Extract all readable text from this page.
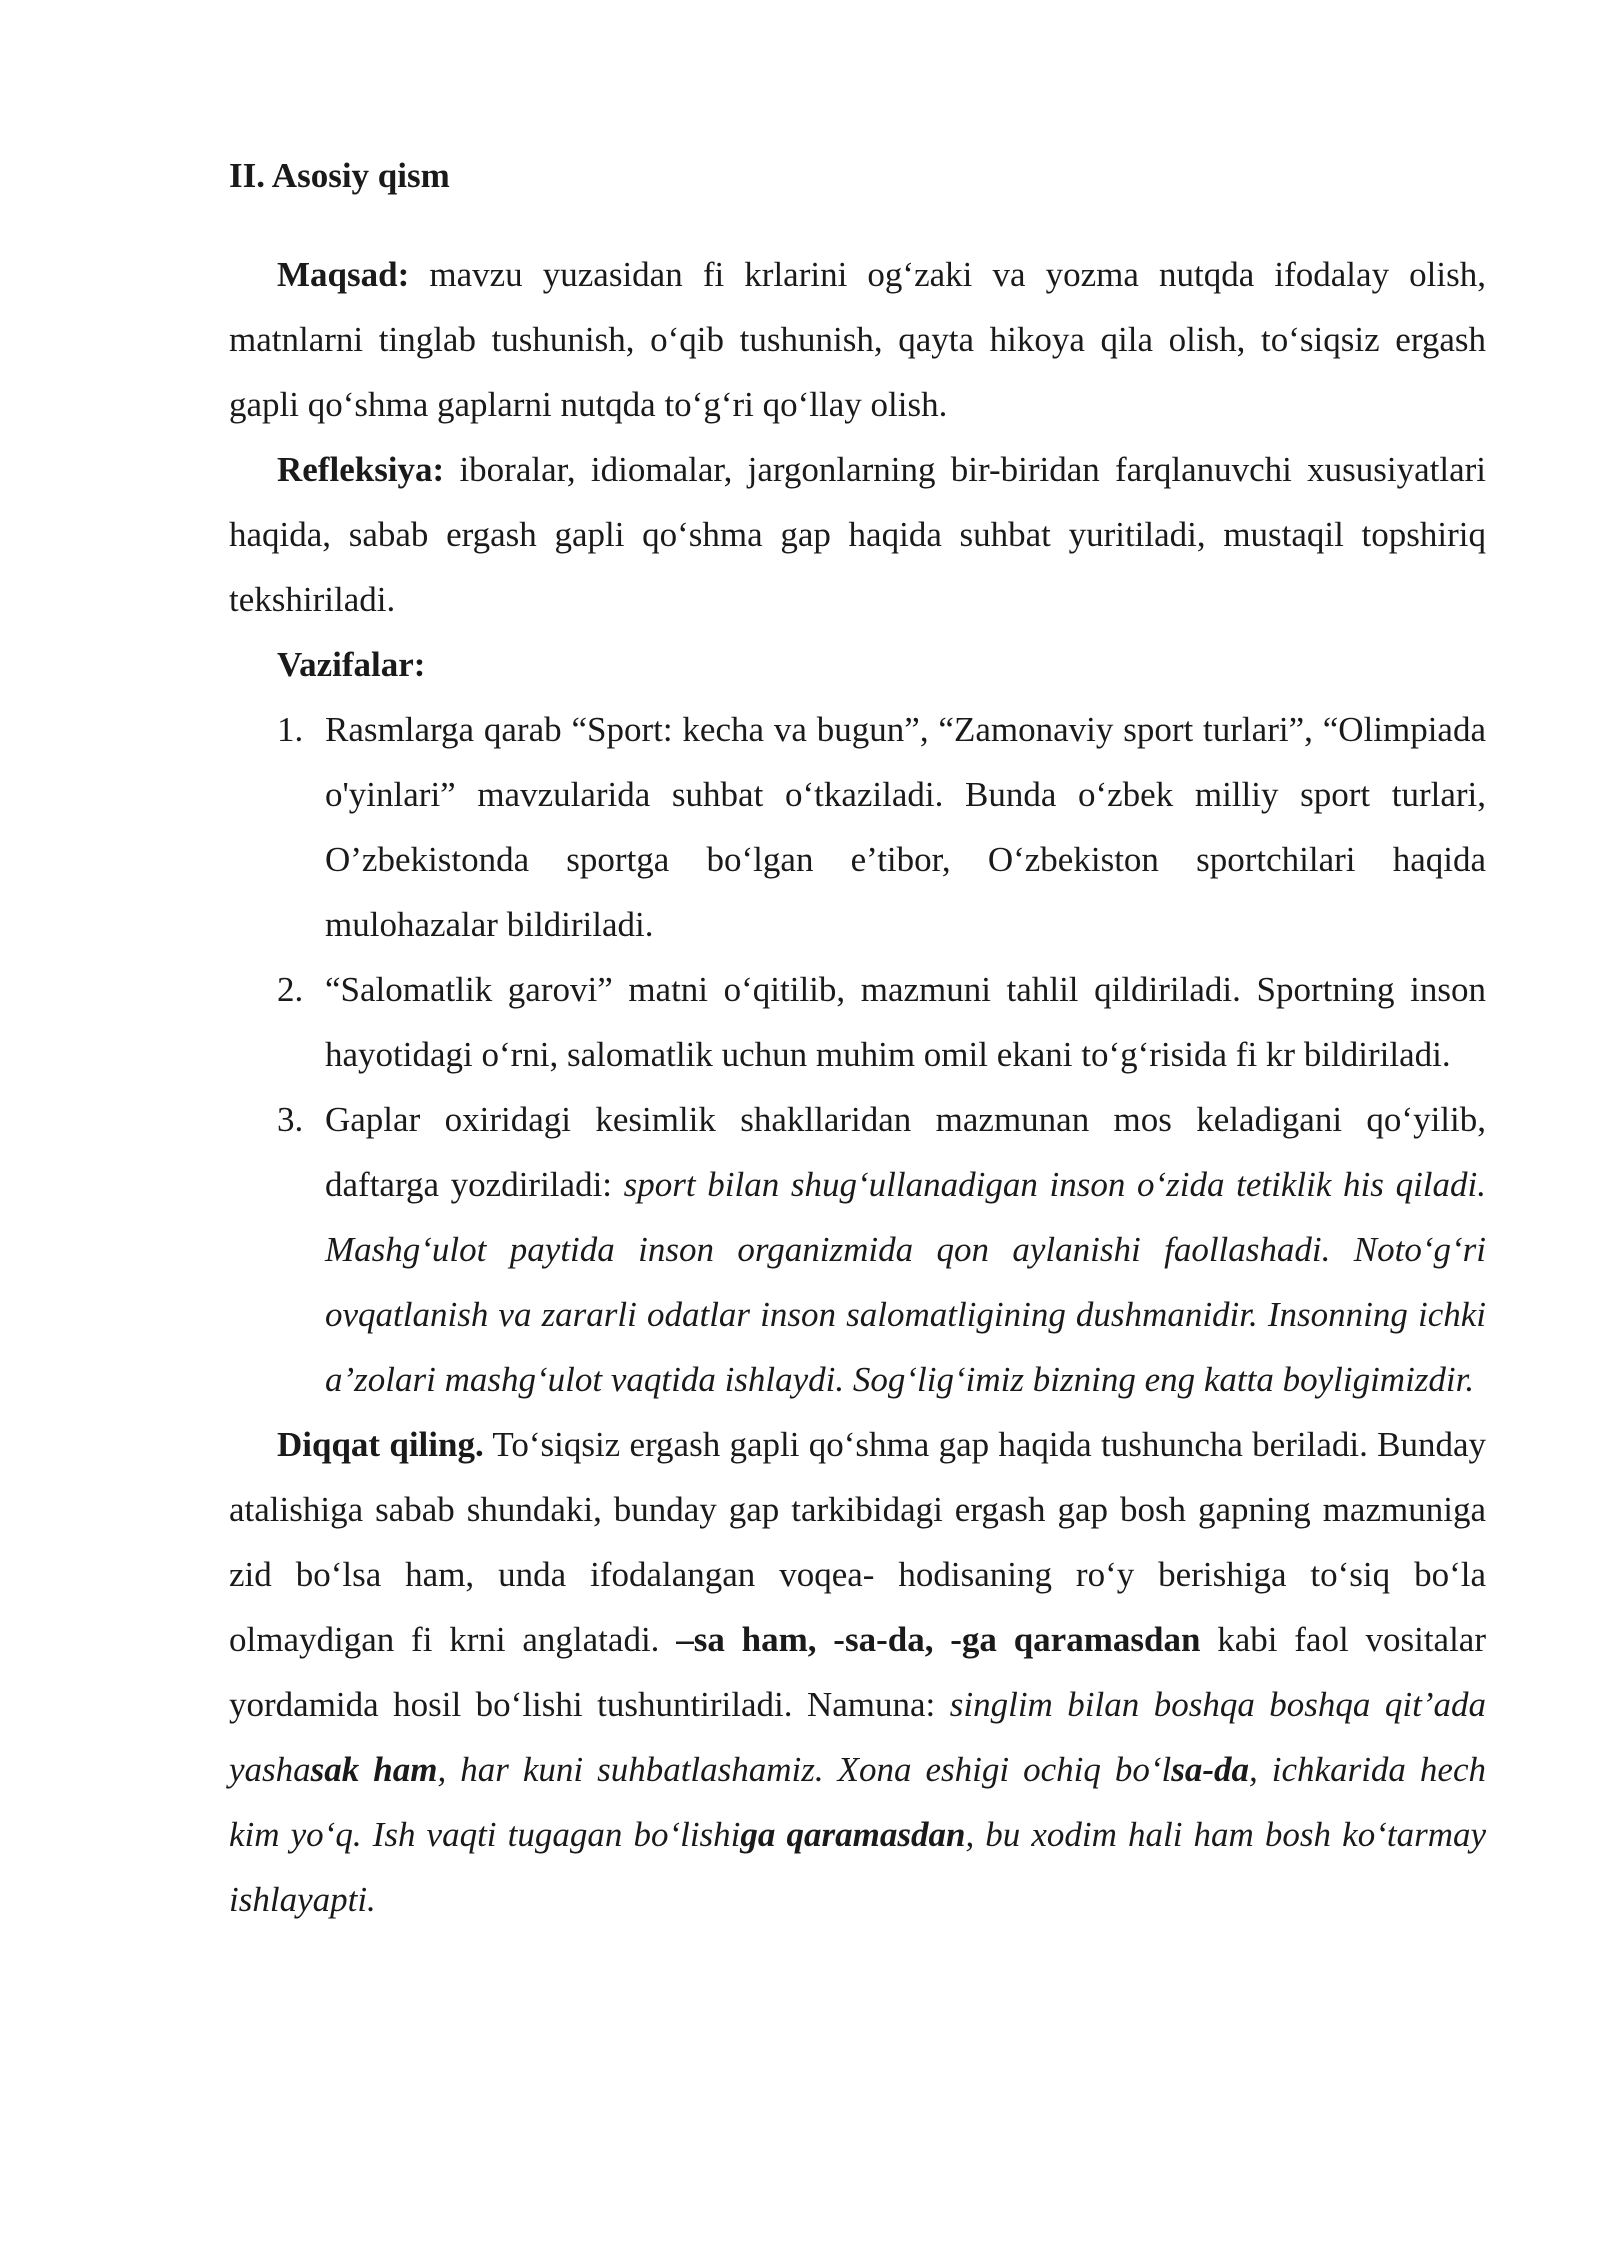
II. Asosiy qism

Maqsad: mavzu yuzasidan fi krlarini og‘zaki va yozma nutqda ifodalay olish, matnlarni tinglab tushunish, o‘qib tushunish, qayta hikoya qila olish, to‘siqsiz ergash gapli qo‘shma gaplarni nutqda to‘g‘ri qo‘llay olish.

Refleksiya: iboralar, idiomalar, jargonlarning bir-biridan farqlanuvchi xususiyatlari haqida, sabab ergash gapli qo‘shma gap haqida suhbat yuritiladi, mustaqil topshiriq tekshiriladi.

Vazifalar:
1. Rasmlarga qarab “Sport: kecha va bugun”, “Zamonaviy sport turlari”, “Olimpiada o'yinlari” mavzularida suhbat o‘tkaziladi. Bunda o‘zbek milliy sport turlari, O’zbekistonda sportga bo‘lgan e’tibor, O‘zbekiston sportchilari haqida mulohazalar bildiriladi.
2. “Salomatlik garovi” matni o‘qitilib, mazmuni tahlil qildiriladi. Sportning inson hayotidagi o‘rni, salomatlik uchun muhim omil ekani to‘g‘risida fi kr bildiriladi.
3. Gaplar oxiridagi kesimlik shakllaridan mazmunan mos keladigani qo‘yilib, daftarga yozdiriladi: sport bilan shug‘ullanadigan inson o‘zida tetiklik his qiladi. Mashg‘ulot paytida inson organizmida qon aylanishi faollashadi. Noto‘g‘ri ovqatlanish va zararli odatlar inson salomatligining dushmanidir. Insonning ichki a’zolari mashg‘ulot vaqtida ishlaydi. Sog‘lig‘imiz bizning eng katta boyligimizdir.

Diqqat qiling. To‘siqsiz ergash gapli qo‘shma gap haqida tushuncha beriladi. Bunday atalishiga sabab shundaki, bunday gap tarkibidagi ergash gap bosh gapning mazmuniga zid bo‘lsa ham, unda ifodalangan voqea- hodisaning ro‘y berishiga to‘siq bo‘la olmaydigan fi krni anglatadi. –sa ham, -sa-da, -ga qaramasdan kabi faol vositalar yordamida hosil bo‘lishi tushuntiriladi. Namuna: singlim bilan boshqa boshqa qit’ada yashasak ham, har kuni suhbatlashamiz. Xona eshigi ochiq bo‘lsa-da, ichkarida hech kim yo‘q. Ish vaqti tugagan bo‘lishiga qaramasdan, bu xodim hali ham bosh ko‘tarmay ishlayapti.
